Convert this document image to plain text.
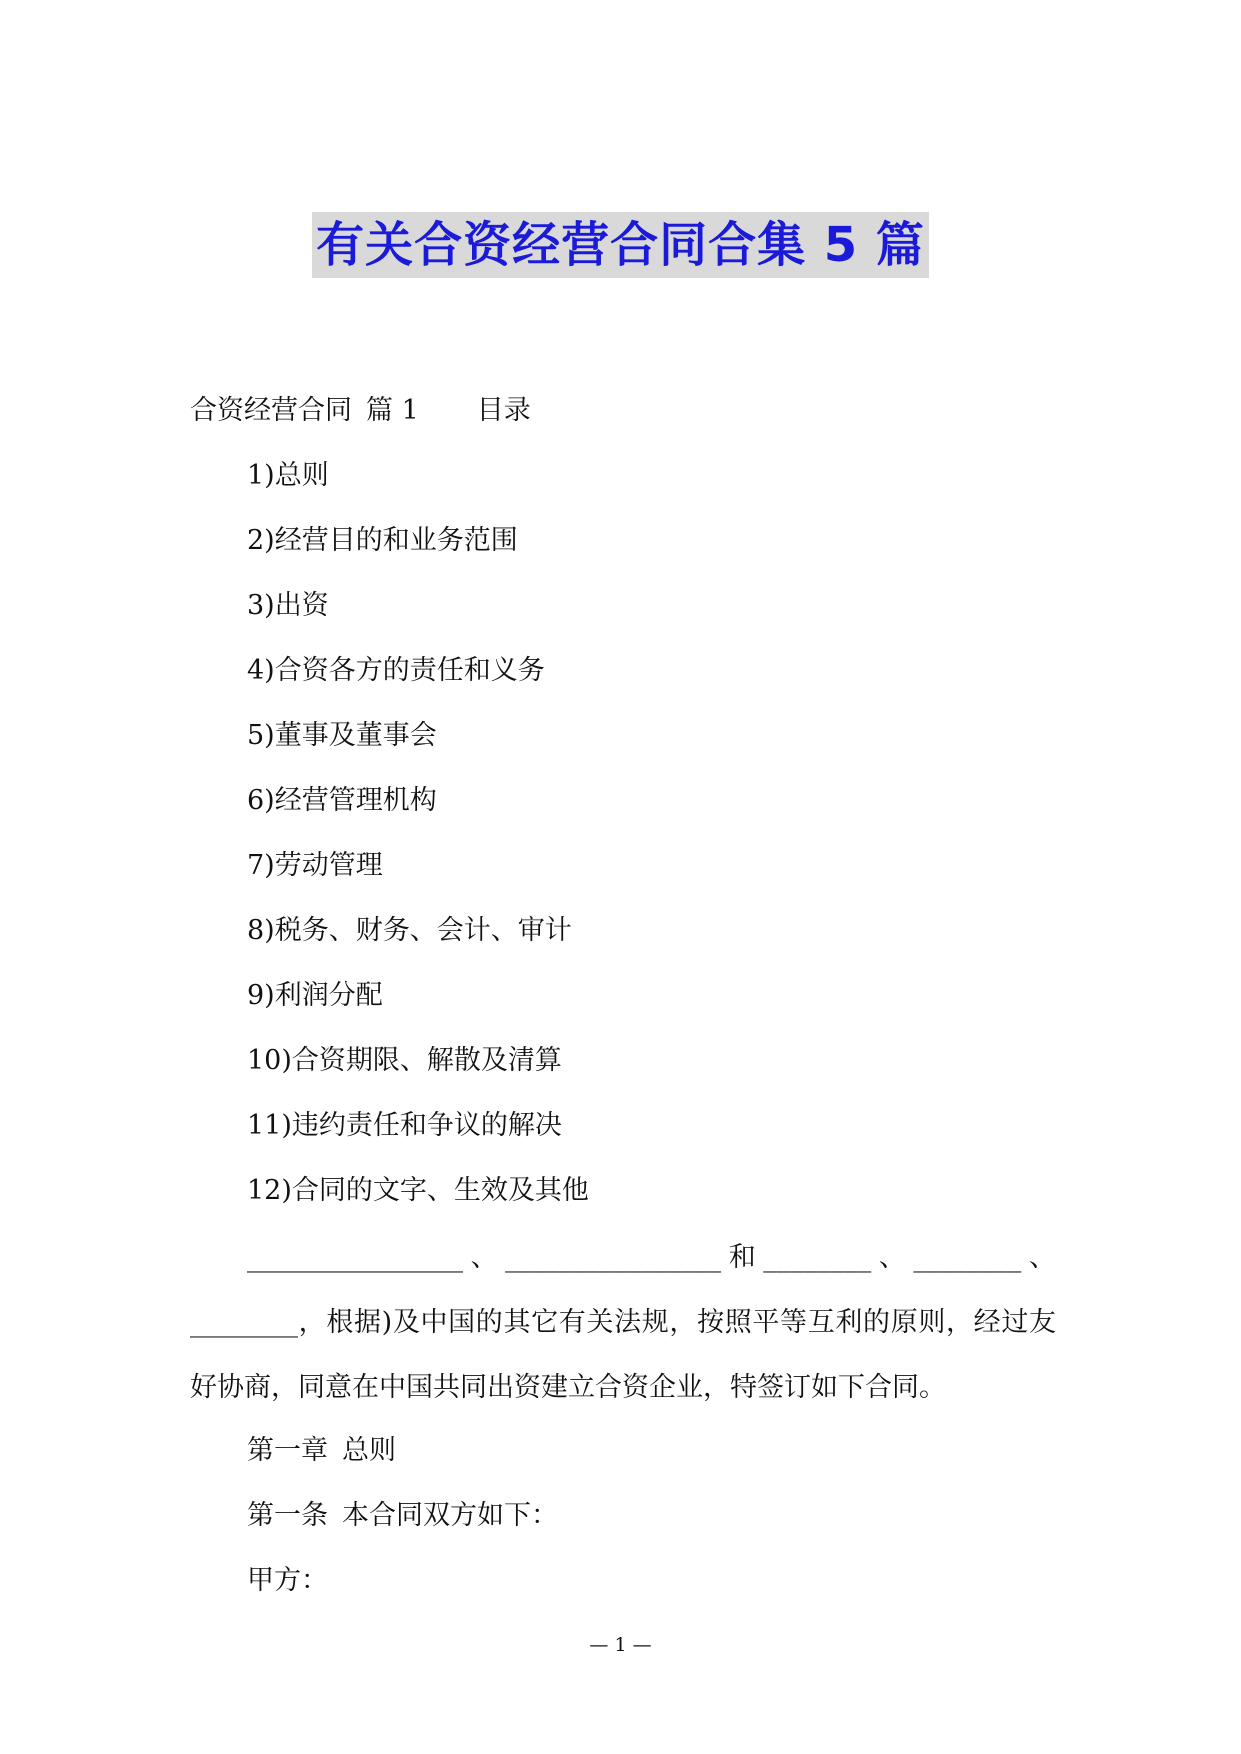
有关合资经营合同合集 5 篇
合资经营合同 篇 1 目录
1)总则
2)经营目的和业务范围
3)出资
4)合资各方的责任和义务
5)董事及董事会
6)经营管理机构
7)劳动管理
8)税务、财务、会计、审计
9)利润分配
10)合资期限、解散及清算
11)违约责任和争议的解决
12)合同的文字、生效及其他
________________、________________和________、________、________，根据)及中国的其它有关法规，按照平等互利的原则，经过友好协商，同意在中国共同出资建立合资企业，特签订如下合同。
第一章 总则
第一条 本合同双方如下：
甲方：
— 1 —
